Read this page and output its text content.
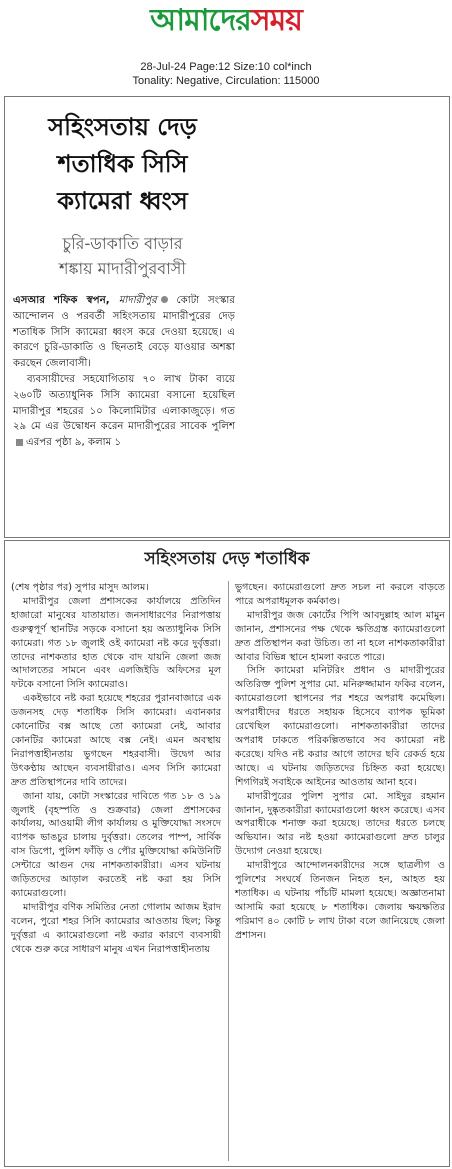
আমাদেরসময়
28-Jul-24 Page:12 Size:10 col*inch
Tonality: Negative, Circulation: 115000
সহিংসতায় দেড়
শতাধিক সিসি
ক্যামেরা ধ্বংস
চুরি-ডাকাতি বাড়ার
শঙ্কায় মাদারীপুরবাসী

এসআর শফিক স্বপন, মাদারীপুর কোটা সংস্কার আন্দোলন ও পরবর্তী সহিংসতায় মাদারীপুরের দেড় শতাধিক সিসি ক্যামেরা ধ্বংস করে দেওয়া হয়েছে। এ কারণে চুরি-ডাকাতি ও ছিনতাই বেড়ে যাওয়ার অশঙ্কা করছেন জেলাবাসী।

ব্যবসায়ীদের সহযোগিতায় ৭০ লাখ টাকা ব্যয়ে ২৬০টি অত্যাধুনিক সিসি ক্যামেরা বসানো হয়েছিল মাদারীপুর শহরের ১০ কিলোমিটার এলাকাজুড়ে। গত ২৯ মে এর উদ্বোধন করেন মাদারীপুরের সাবেক পুলিশএরপর পৃষ্ঠা ৯, কলাম ১

সহিংসতায় দেড় শতাধিক

(শেষ পৃষ্ঠার পর) সুপার মাসুদ আলম।

মাদারীপুর জেলা প্রশাসকের কার্যালয়ে প্রতিদিন হাজারো মানুষের যাতায়াত। জনসাধারণের নিরাপত্তায় গুরুত্বপূর্ণ স্থানটির সড়কে বসানো হয় অত্যাধুনিক সিসি ক্যামেরা। গত ১৮ জুলাই ওই ক্যামেরা নষ্ট করে দুর্বৃত্তরা। তাদের নাশকতার হাত থেকে বাদ যায়নি জেলা জজ আদালতের সামনে এবং এলজিইডি অফিসের মূল ফটকে বসানো সিসি ক্যামেরাও।

একইভাবে নষ্ট করা হয়েছে শহরের পুরানবাজারে এক ডজনসহ দেড় শতাধিক সিসি ক্যামেরা। এবানকার কোনোটির বক্স আছে তো ক্যামেরা নেই, আবার কোনটির ক্যামেরা আছে বক্স নেই। এমন অবস্থায় নিরাপত্তাহীনতায় ভুগছেন শহরবাসী। উদ্বেগ আর উৎকণ্ঠায় আছেন ব্যবসায়ীরাও। এসব সিসি ক্যামেরা দ্রুত প্রতিস্থাপনের দাবি তাদের।

জানা যায়, কোটা সংস্কারের দাবিতে গত ১৮ ও ১৯ জুলাই (বৃহস্পতি ও শুক্রবার) জেলা প্রশাসকের কার্যালয়, আওয়ামী লীগ কার্যালয় ও মুক্তিযোদ্ধা সংসদে ব্যাপক ভাঙচুর চালায় দুর্বৃত্তরা। তেলের পাম্প, সার্বিক বাস ডিপো, পুলিশ ফাঁড়ি ও পৌর মুক্তিযোদ্ধা কমিউনিটি সেন্টারে আগুন দেয় নাশকতাকারীরা। এসব ঘটনায় জড়িতদের আড়াল করতেই নষ্ট করা হয় সিসি ক্যামেরাগুলো।

মাদারীপুর বণিক সমিতির নেতা গোলাম আজম ইরাদ বলেন, পুরো শহর সিসি ক্যামেরার আওতায় ছিল; কিন্তু দুর্বৃত্তরা এ ক্যামেরাগুলো নষ্ট করার কারণে ব্যবসায়ী থেকে শুরু করে সাধারণ মানুষ এখন নিরাপত্তাহীনতায়

ভুগছেন। ক্যামেরাগুলো দ্রুত সচল না করলে বাড়তে পারে অপরাধমূলক কর্মকাণ্ড।

মাদারীপুর জজ কোর্টের পিপি আবদুল্লাহ আল মামুন জানান, প্রশাসনের পক্ষ থেকে ক্ষতিগ্রস্ত ক্যামেরাগুলো দ্রুত প্রতিস্থাপন করা উচিত। তা না হলে নাশকতাকারীরা আবার বিভিন্ন স্থানে হামলা করতে পারে।

সিসি ক্যামেরা মনিটরিং প্রধান ও মাদারীপুরের অতিরিক্ত পুলিশ সুপার মো. মনিরুজ্জামান ফকির বলেন, ক্যামেরাগুলো স্থাপনের পর শহরে অপরাধ কমেছিল। অপরাধীদের ধরতে সহায়ক হিসেবে ব্যাপক ভূমিকা রেখেছিল ক্যামেরাগুলো। নাশকতাকারীরা তাদের অপরাধ ঢাকতে পরিকল্পিতভাবে সব ক্যামেরা নষ্ট করেছে। যদিও নষ্ট করার আগে তাদের ছবি রেকর্ড হয়ে আছে। এ ঘটনায় জড়িতদের চিহ্নিত করা হয়েছে। শিগগিরই সবাইকে আইনের আওতায় আনা হবে।

মাদারীপুরের পুলিশ সুপার মো. সাইদুর রহমান জানান, দুষ্কৃতকারীরা ক্যামেরাগুলো ধ্বংস করেছে। এসব অপরাধীকে শনাক্ত করা হয়েছে। তাদের ধরতে চলছে অভিযান। আর নষ্ট হওয়া ক্যামেরাগুলো দ্রুত চালুর উদ্যোগ নেওয়া হয়েছে।

মাদারীপুরে আন্দোলনকারীদের সঙ্গে ছাত্রলীগ ও পুলিশের সংঘর্ষে তিনজন নিহত হন, আহত হয় শতাধিক। এ ঘটনায় পাঁচটি মামলা হয়েছে। অজ্ঞাতনামা আসামি করা হয়েছে ৮ শতাধিক। জেলায় ক্ষয়ক্ষতির পরিমাণ ৪০ কোটি ৮ লাখ টাকা বলে জানিয়েছে জেলা প্রশাসন।
